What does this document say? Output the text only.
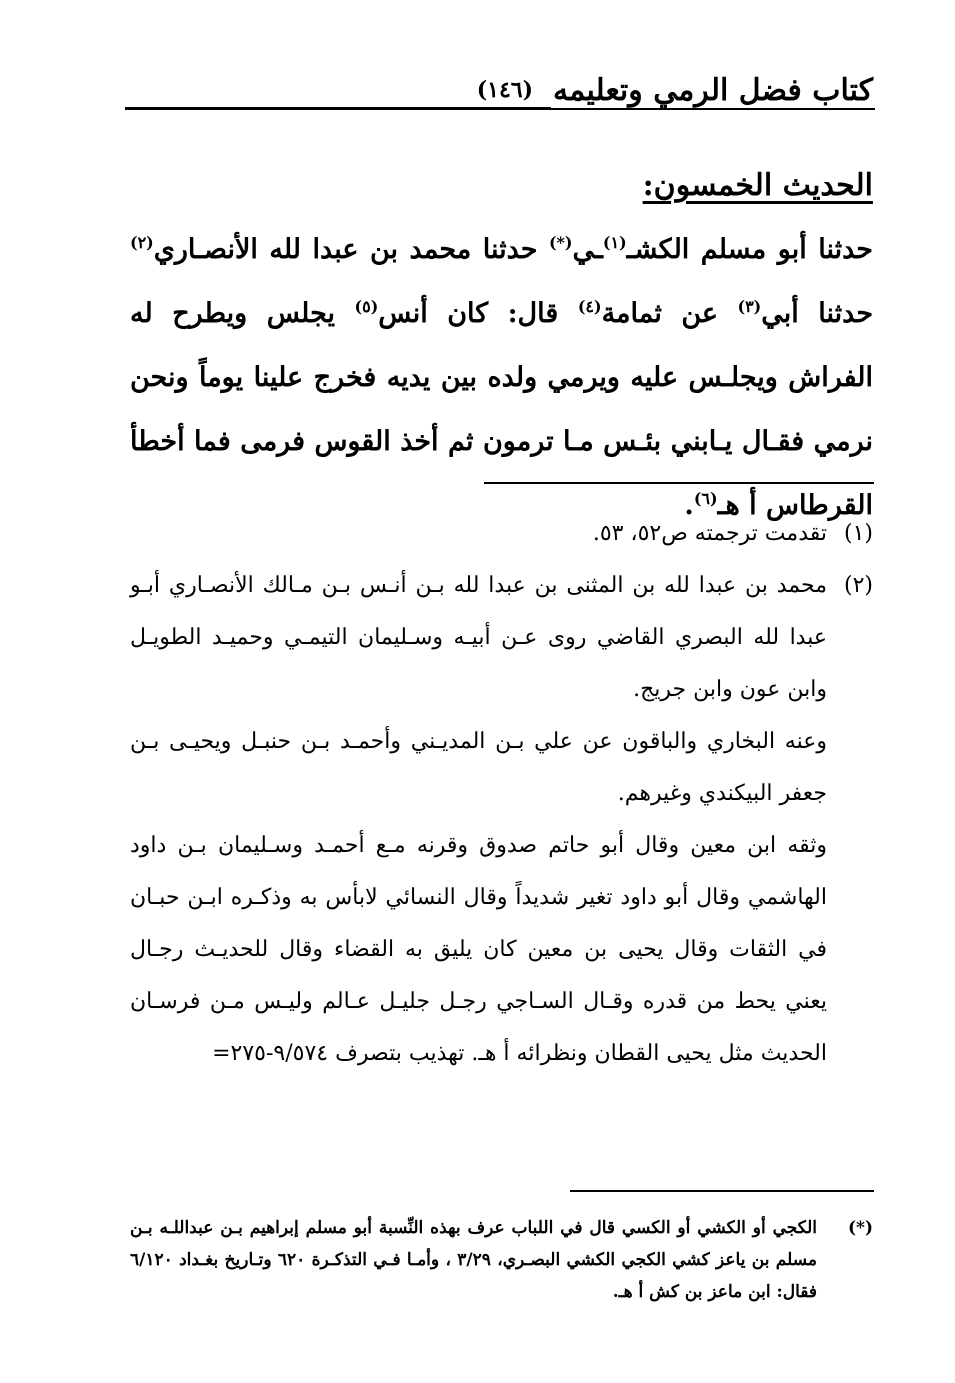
كتاب فضل الرمي وتعليمه
(١٤٦)
الحديث الخمسون:
حدثنا أبو مسلم الكشـ$^{(١)}$ـي(*) حدثنا محمد بن عبدا لله الأنصـاري$^{(٢)}$ حدثنا أبي$^{(٣)}$ عن ثمامة$^{(٤)}$ قال: كان أنس$^{(٥)}$ يجلس ويطرح له الفراش ويجلـس عليه ويرمي ولده بين يديه فخرج علينا يوماً ونحن نرمي فقـال يـابني بئـس مـا ترمون ثم أخذ القوس فرمى فما أخطأ القرطاس أ هـ$^{(٦)}$.
(١)

تقدمت ترجمته ص٥٢، ٥٣.

(٢)

محمد بن عبدا لله بن المثنى بن عبدا لله بـن أنـس بـن مـالك الأنصـاري أبـو عبدا لله البصري القاضي روى عـن أبيـه وسـليمان التيمـي وحميـد الطويـل وابن عون وابن جريج.

وعنه البخاري والباقون عن علي بـن المديـني وأحمـد بـن حنبـل ويحيـى بـن جعفر البيكندي وغيرهم.

وثقه ابن معين وقال أبو حاتم صدوق وقرنه مـع أحمـد وسـليمان بـن داود الهاشمي وقال أبو داود تغير شديداً وقال النسائي لابأس به وذكـره ابـن حبـان في الثقات وقال يحيى بن معين كان يليق به القضاء وقال للحديـث رجـال يعني يحط من قدره وقـال السـاجي رجـل جليـل عـالم وليـس مـن فرسـان الحديث مثل يحيى القطان ونظرائه أ هـ. تهذيب بتصرف ٩/٥٧٤-٢٧٥=

(*)
الكجي أو الكشي أو الكسي قال في اللباب عرف بهذه النِّسبة أبو مسلم إبراهيم بـن عبداللـه بـن مسلم بن ياعز كشي الكجي الكشي البصـري، ٣/٢٩ ، وأمـا فـي التذكـرة ٦٢٠ وتـاريخ بغـداد ٦/١٢٠ فقال: ابن ماعز بن كش أ هـ.
